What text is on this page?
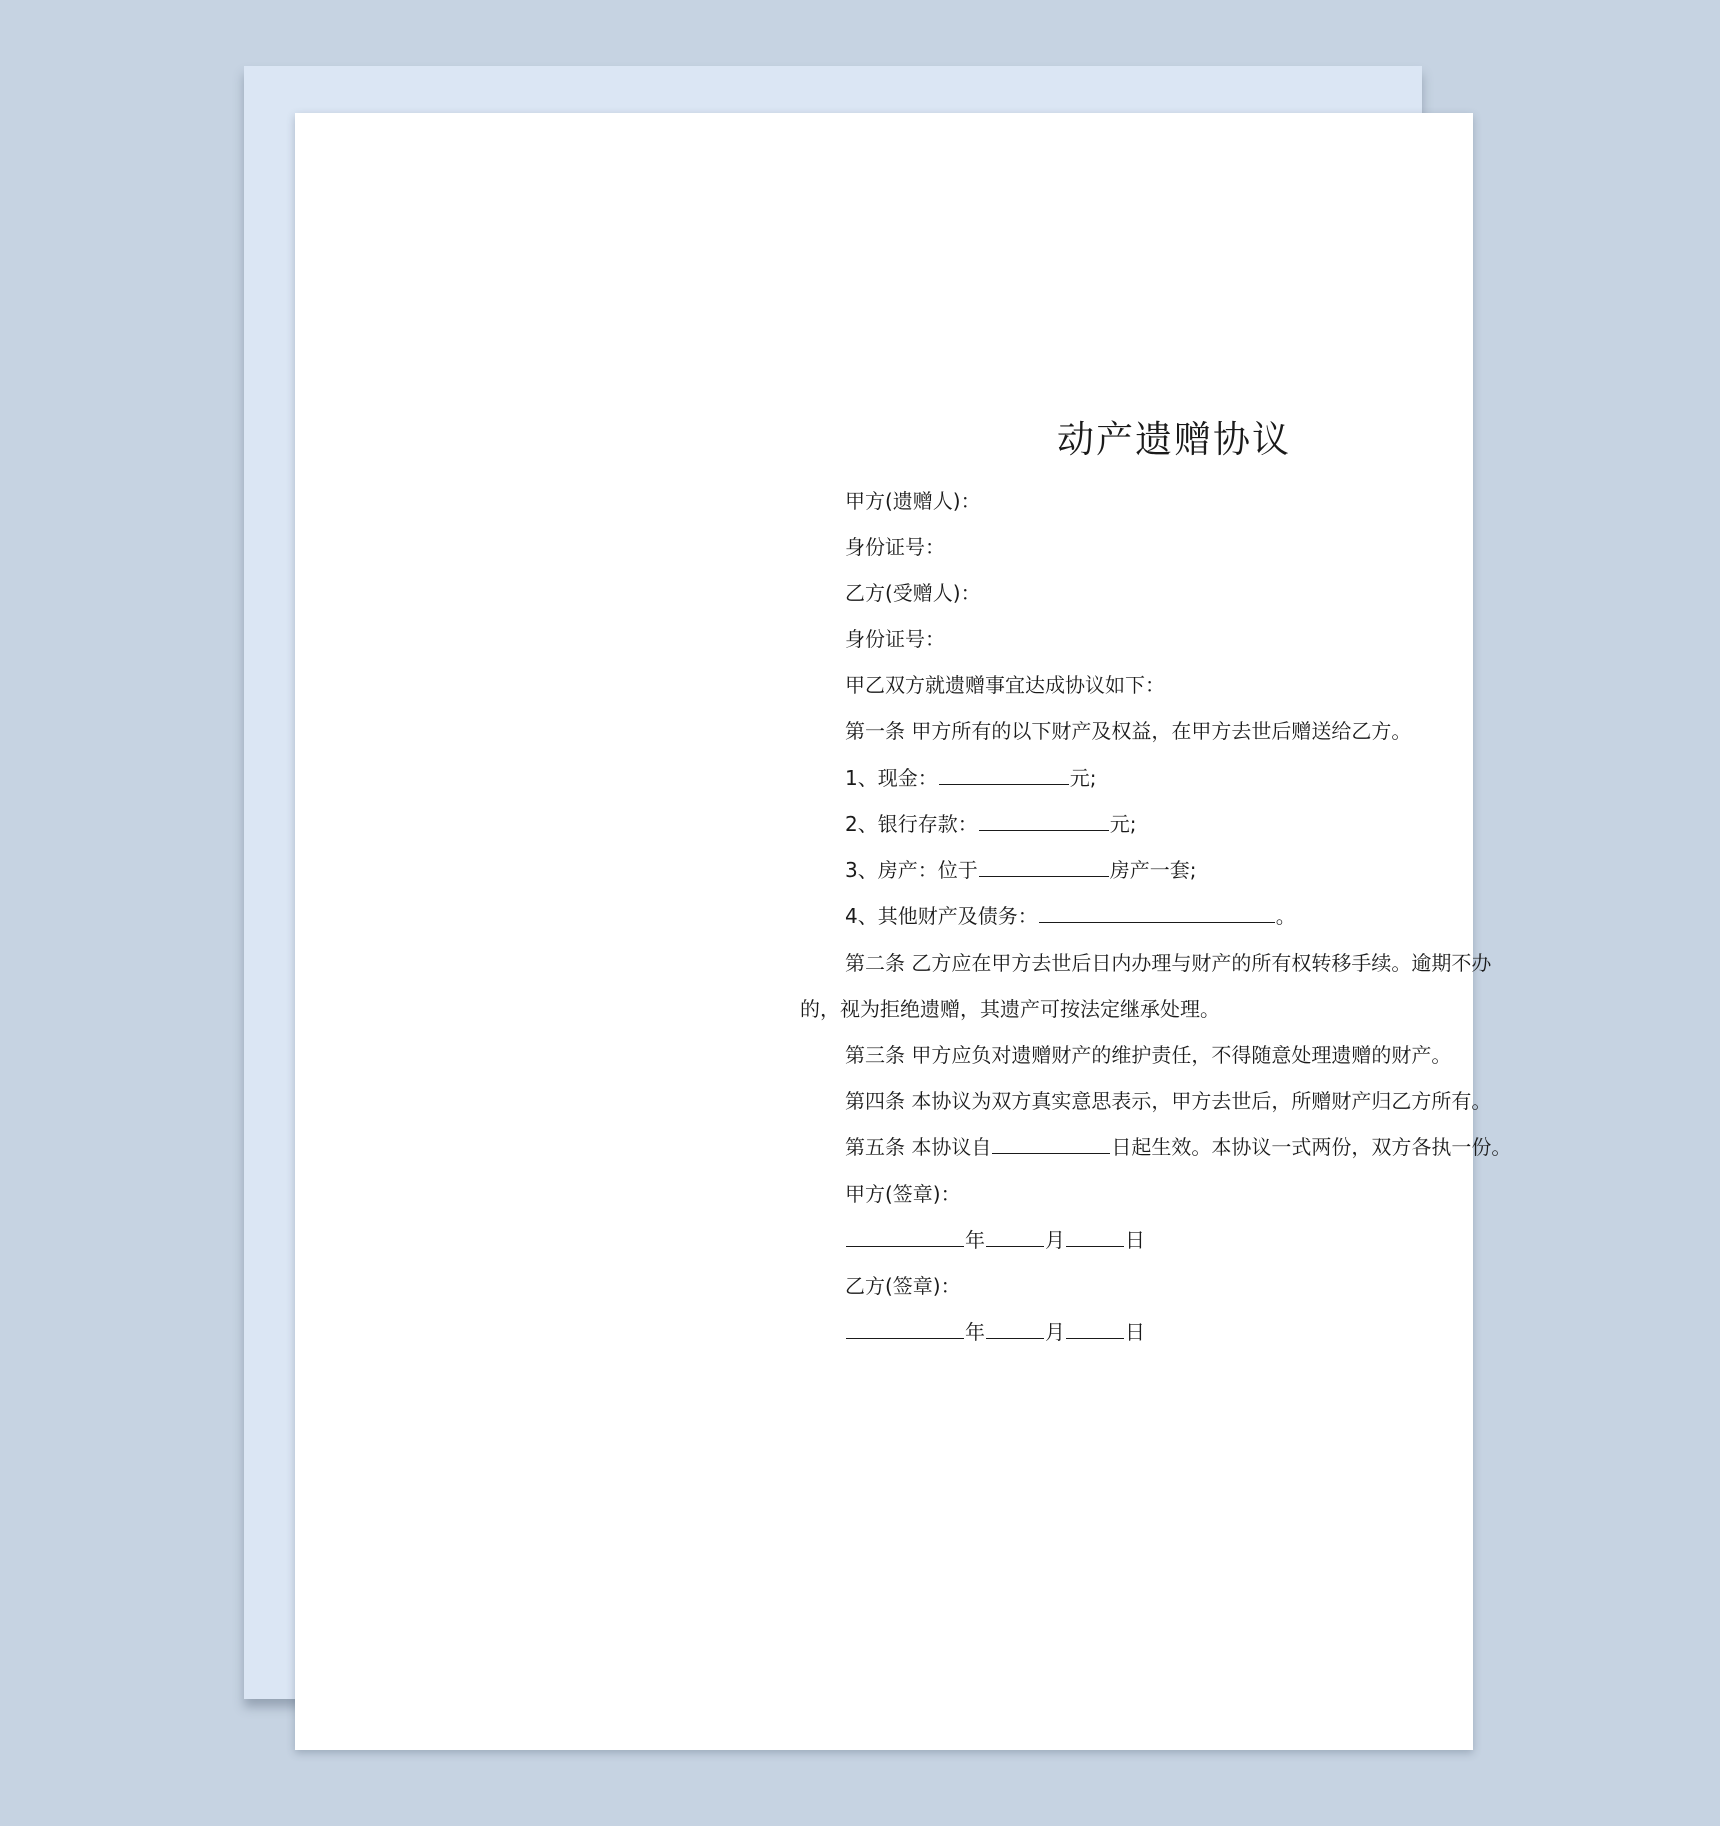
动产遗赠协议
甲方(遗赠人)：
身份证号：
乙方(受赠人)：
身份证号：
甲乙双方就遗赠事宜达成协议如下：
第一条 甲方所有的以下财产及权益，在甲方去世后赠送给乙方。
1、现金：	元;
2、银行存款：	元;
3、房产：位于	房产一套;
4、其他财产及债务：	。
第二条 乙方应在甲方去世后日内办理与财产的所有权转移手续。逾期不办
的，视为拒绝遗赠，其遗产可按法定继承处理。
第三条 甲方应负对遗赠财产的维护责任，不得随意处理遗赠的财产。
第四条 本协议为双方真实意思表示，甲方去世后，所赠财产归乙方所有。
第五条 本协议自	日起生效。本协议一式两份，双方各执一份。
甲方(签章)：
年	月	日
乙方(签章)：
年	月	日
